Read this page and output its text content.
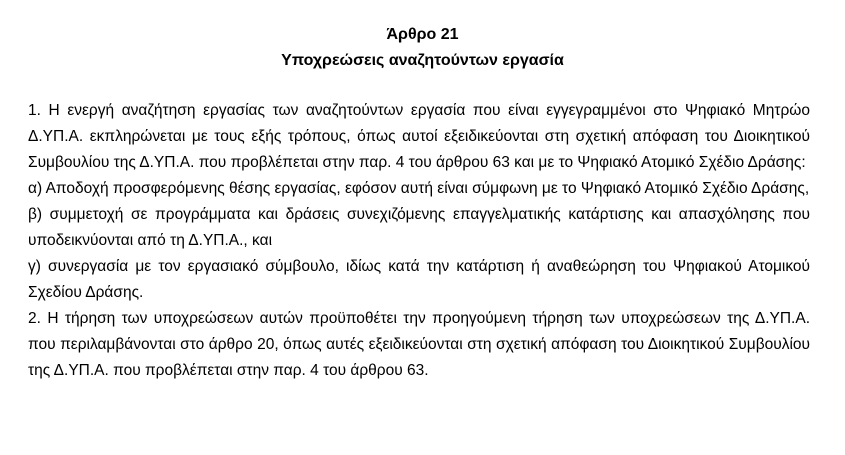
Άρθρο 21
Υποχρεώσεις αναζητούντων εργασία

1. Η ενεργή αναζήτηση εργασίας των αναζητούντων εργασία που είναι εγγεγραμμένοι στο Ψηφιακό Μητρώο Δ.ΥΠ.Α. εκπληρώνεται με τους εξής τρόπους, όπως αυτοί εξειδικεύονται στη σχετική απόφαση του Διοικητικού Συμβουλίου της Δ.ΥΠ.Α. που προβλέπεται στην παρ. 4 του άρθρου 63 και με το Ψηφιακό Ατομικό Σχέδιο Δράσης:

α) Αποδοχή προσφερόμενης θέσης εργασίας, εφόσον αυτή είναι σύμφωνη με το Ψηφιακό Ατομικό Σχέδιο Δράσης,

β) συμμετοχή σε προγράμματα και δράσεις συνεχιζόμενης επαγγελματικής κατάρτισης και απασχόλησης που υποδεικνύονται από τη Δ.ΥΠ.Α., και

γ) συνεργασία με τον εργασιακό σύμβουλο, ιδίως κατά την κατάρτιση ή αναθεώρηση του Ψηφιακού Ατομικού Σχεδίου Δράσης.

2. Η τήρηση των υποχρεώσεων αυτών προϋποθέτει την προηγούμενη τήρηση των υποχρεώσεων της Δ.ΥΠ.Α. που περιλαμβάνονται στο άρθρο 20, όπως αυτές εξειδικεύονται στη σχετική απόφαση του Διοικητικού Συμβουλίου της Δ.ΥΠ.Α. που προβλέπεται στην παρ. 4 του άρθρου 63.
